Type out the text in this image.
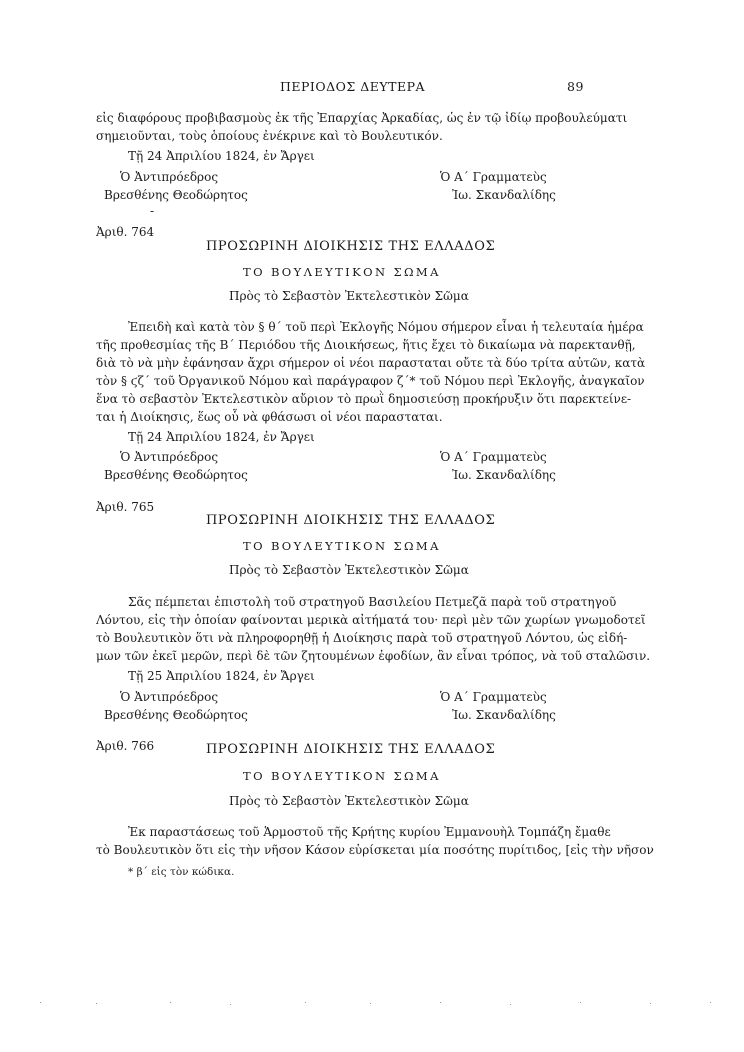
ΠΕΡΙΟΔΟΣ ΔΕΥΤΕΡΑ	89
εἰς διαφόρους προβιβασμοὺς ἐκ τῆς Ἐπαρχίας Ἀρκαδίας, ὡς ἐν τῷ ἰδίῳ προβουλεύματι
σημειοῦνται, τοὺς ὁποίους ἐνέκρινε καὶ τὸ Βουλευτικόν.
Τῇ 24 Ἀπριλίου 1824, ἐν Ἄργει
Ὁ Ἀντιπρόεδρος
Βρεσθένης Θεοδώρητος
Ὁ Α΄ Γραμματεὺς
Ἰω. Σκανδαλίδης
-
Ἀριθ. 764
ΠΡΟΣΩΡΙΝΗ ΔΙΟΙΚΗΣΙΣ ΤΗΣ ΕΛΛΑΔΟΣ
ΤΟ ΒΟΥΛΕΥΤΙΚΟΝ ΣΩΜΑ
Πρὸς τὸ Σεβαστὸν Ἐκτελεστικὸν Σῶμα
Ἐπειδὴ καὶ κατὰ τὸν § θ΄ τοῦ περὶ Ἐκλογῆς Νόμου σήμερον εἶναι ἡ τελευταία ἡμέρα
τῆς προθεσμίας τῆς Β΄ Περιόδου τῆς Διοικήσεως, ἥτις ἔχει τὸ δικαίωμα νὰ παρεκτανθῇ,
διὰ τὸ νὰ μὴν ἐφάνησαν ἄχρι σήμερον οἱ νέοι παρασταται οὔτε τὰ δύο τρίτα αὐτῶν, κατὰ
τὸν § ϛζ΄ τοῦ Ὀργανικοῦ Νόμου καὶ παράγραφον ζ΄* τοῦ Νόμου περὶ Ἐκλογῆς, ἀναγκαῖον
ἕνα τὸ σεβαστὸν Ἐκτελεστικὸν αὔριον τὸ πρωῒ δημοσιεύσῃ προκήρυξιν ὅτι παρεκτείνε-
ται ἡ Διοίκησις, ἕως οὗ νὰ φθάσωσι οἱ νέοι παρασταται.
Τῇ 24 Ἀπριλίου 1824, ἐν Ἄργει
Ὁ Ἀντιπρόεδρος
Βρεσθένης Θεοδώρητος
Ὁ Α΄ Γραμματεὺς
Ἰω. Σκανδαλίδης
Ἀριθ. 765
ΠΡΟΣΩΡΙΝΗ ΔΙΟΙΚΗΣΙΣ ΤΗΣ ΕΛΛΑΔΟΣ
ΤΟ ΒΟΥΛΕΥΤΙΚΟΝ ΣΩΜΑ
Πρὸς τὸ Σεβαστὸν Ἐκτελεστικὸν Σῶμα
Σᾶς πέμπεται ἐπιστολὴ τοῦ στρατηγοῦ Βασιλείου Πετμεζᾶ παρὰ τοῦ στρατηγοῦ
Λόντου, εἰς τὴν ὁποίαν φαίνονται μερικὰ αἰτήματά του· περὶ μὲν τῶν χωρίων γνωμοδοτεῖ
τὸ Βουλευτικὸν ὅτι νὰ πληροφορηθῇ ἡ Διοίκησις παρὰ τοῦ στρατηγοῦ Λόντου, ὡς εἰδή-
μων τῶν ἐκεῖ μερῶν, περὶ δὲ τῶν ζητουμένων ἐφοδίων, ἂν εἶναι τρόπος, νὰ τοῦ σταλῶσιν.
Τῇ 25 Ἀπριλίου 1824, ἐν Ἄργει
Ὁ Ἀντιπρόεδρος
Βρεσθένης Θεοδώρητος
Ὁ Α΄ Γραμματεὺς
Ἰω. Σκανδαλίδης
Ἀριθ. 766	ΠΡΟΣΩΡΙΝΗ ΔΙΟΙΚΗΣΙΣ ΤΗΣ ΕΛΛΑΔΟΣ
ΤΟ ΒΟΥΛΕΥΤΙΚΟΝ ΣΩΜΑ
Πρὸς τὸ Σεβαστὸν Ἐκτελεστικὸν Σῶμα
Ἐκ παραστάσεως τοῦ Ἁρμοστοῦ τῆς Κρήτης κυρίου Ἐμμανουὴλ Τομπάζη ἔμαθε
τὸ Βουλευτικὸν ὅτι εἰς τὴν νῆσον Κάσον εὑρίσκεται μία ποσότης πυρίτιδος, [εἰς τὴν νῆσον
* β΄ εἰς τὸν κώδικα.
